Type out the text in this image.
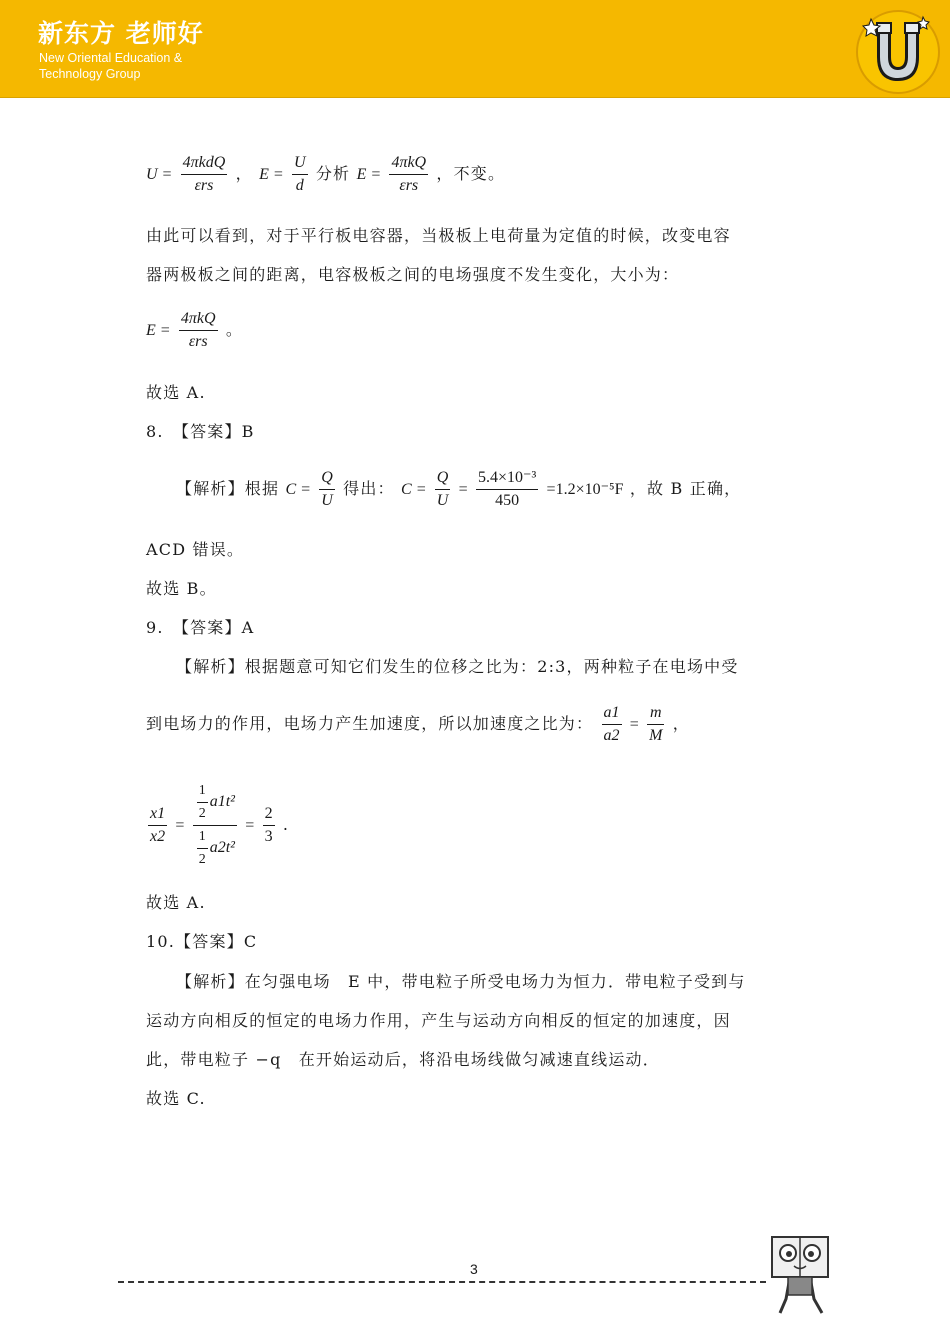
新东方 老师好
New Oriental Education & Technology Group
$U = \frac{\text{4πkdQ}}{\text{εrs}}$ ， $E = \frac{U}{d}$ 分析 $E = \frac{\text{4πkQ}}{\text{εrs}}$ ，不变。
由此可以看到，对于平行板电容器，当极板上电荷量为定值的时候，改变电容
器两极板之间的距离，电容极板之间的电场强度不发生变化，大小为：
$E = \frac{\text{4πkQ}}{\text{εrs}}$ 。
故选 A.
8.　【答案】B
【解析】根据 $C = \frac{Q}{U}$ 得出： $C = \frac{Q}{U} = \frac{\text{5.4×10⁻³}}{450} =1.2\times 10^{-5}F$ ，故 B 正确，
ACD 错误。
故选 B。
9.　【答案】A
【解析】根据题意可知它们发生的位移之比为：2:3，两种粒子在电场中受
到电场力的作用，电场力产生加速度，所以加速度之比为： $\frac{a1}{a2} = \frac{m}{M}$ ，
$\frac{x1}{x2} = \frac{\frac{1}{2} a1t^2}{\frac{1}{2} a2t^2} = \frac{2}{3}$ .
故选 A.
10.【答案】C
【解析】在匀强电场　E 中，带电粒子所受电场力为恒力．带电粒子受到与
运动方向相反的恒定的电场力作用，产生与运动方向相反的恒定的加速度，因
此，带电粒子 −q　在开始运动后，将沿电场线做匀减速直线运动．
故选 C.
3
